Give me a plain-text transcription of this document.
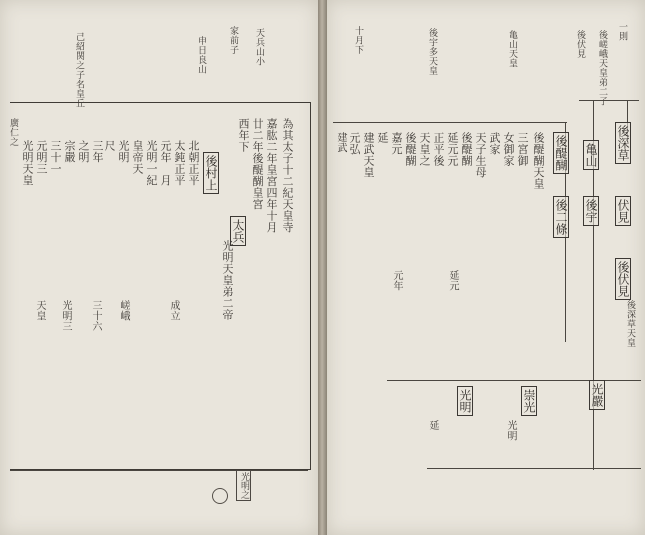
己紹関之子名皇丘	申日良山 家前子 天兵山小
後村上
太兵	為其太子十二紀天皇寺
嘉肱二年皇宮四年十月
廿二年後醍醐皇宮
西年下
光明天皇弟二帝
北朝正平
太鈍正平
元年　月
光明一紀
皇帝天
光明
尺
三年
之明
宗嚴
三十一
元明三
光明天皇
嵯峨
三十六
光明三
天皇	成立
廣仁之
光明之
一則
後嵯峨天皇弟二子
後伏見
亀山天皇
後宇多天皇
十月下
後深草
伏見
後伏見
亀山
後宇
後醍醐
後二條
後醍醐天皇
三宮御
女御家
武家
天子生母
後醍醐
延元元
正平後
天皇之
後醍醐
嘉元
延
建武天皇
元弘
建武
延元
元年
崇光
光明	光嚴
後深草天皇
光明
延
